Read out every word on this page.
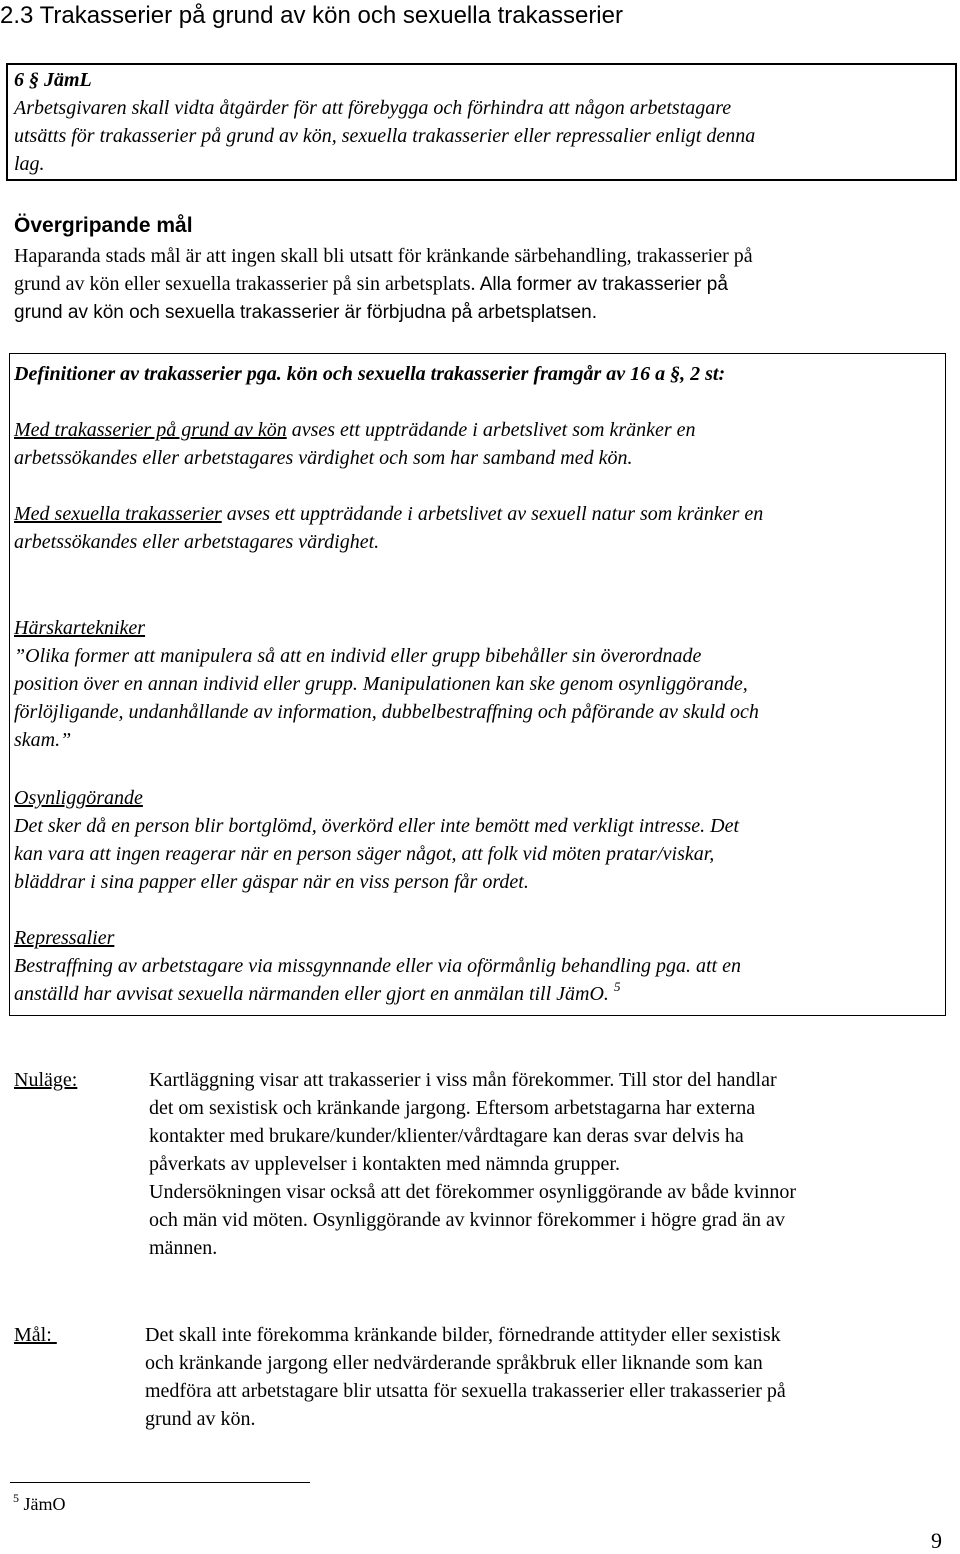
2.3 Trakasserier på grund av kön och sexuella trakasserier

6 § JämL

Arbetsgivaren skall vidta åtgärder för att förebygga och förhindra att någon arbetstagare

utsätts för trakasserier på grund av kön, sexuella trakasserier eller repressalier enligt denna

lag.

Övergripande mål

Haparanda stads mål är att ingen skall bli utsatt för kränkande särbehandling, trakasserier på

grund av kön eller sexuella trakasserier på sin arbetsplats. Alla former av trakasserier på

grund av kön och sexuella trakasserier är förbjudna på arbetsplatsen.

Definitioner av trakasserier pga. kön och sexuella trakasserier framgår av 16 a §, 2 st:

Med trakasserier på grund av kön avses ett uppträdande i arbetslivet som kränker en

arbetssökandes eller arbetstagares värdighet och som har samband med kön.

Med sexuella trakasserier avses ett uppträdande i arbetslivet av sexuell natur som kränker en

arbetssökandes eller arbetstagares värdighet.

Härskartekniker

”Olika former att manipulera så att en individ eller grupp bibehåller sin överordnade

position över en annan individ eller grupp. Manipulationen kan ske genom osynliggörande,

förlöjligande, undanhållande av information, dubbelbestraffning och påförande av skuld och

skam.”

Osynliggörande

Det sker då en person blir bortglömd, överkörd eller inte bemött med verkligt intresse. Det

kan vara att ingen reagerar när en person säger något, att folk vid möten pratar/viskar,

bläddrar i sina papper eller gäspar när en viss person får ordet.

Repressalier

Bestraffning av arbetstagare via missgynnande eller via oförmånlig behandling pga. att en

anställd har avvisat sexuella närmanden eller gjort en anmälan till JämO. $^5$

Nuläge:	Kartläggning visar att trakasserier i viss mån förekommer. Till stor del handlar

det om sexistisk och kränkande jargong. Eftersom arbetstagarna har externa

kontakter med brukare/kunder/klienter/vårdtagare kan deras svar delvis ha

påverkats av upplevelser i kontakten med nämnda grupper.

Undersökningen visar också att det förekommer osynliggörande av både kvinnor

och män vid möten. Osynliggörande av kvinnor förekommer i högre grad än av

männen.

Mål:	Det skall inte förekomma kränkande bilder, förnedrande attityder eller sexistisk

och kränkande jargong eller nedvärderande språkbruk eller liknande som kan

medföra att arbetstagare blir utsatta för sexuella trakasserier eller trakasserier på

grund av kön.

$^5$ JämO
9
